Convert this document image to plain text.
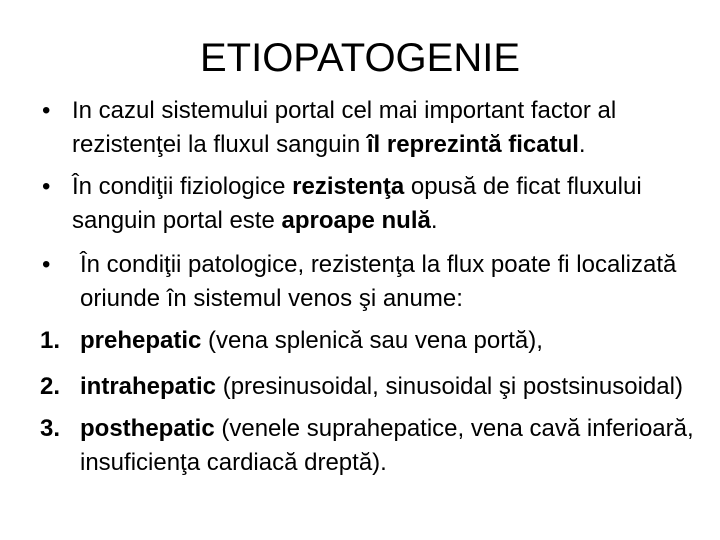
ETIOPATOGENIE
• In cazul sistemului portal cel mai important factor al rezistenţei la fluxul sanguin îl reprezintă ficatul.
• În condiţii fiziologice rezistenţa opusă de ficat fluxului sanguin portal este aproape nulă.
•	În condiţii patologice, rezistenţa la flux poate fi localizată oriunde în sistemul venos şi anume:
1. prehepatic (vena splenică sau vena portă),
2. intrahepatic (presinusoidal, sinusoidal şi postsinusoidal)
3. posthepatic (venele suprahepatice, vena cavă inferioară, insuficienţa cardiacă dreptă).
